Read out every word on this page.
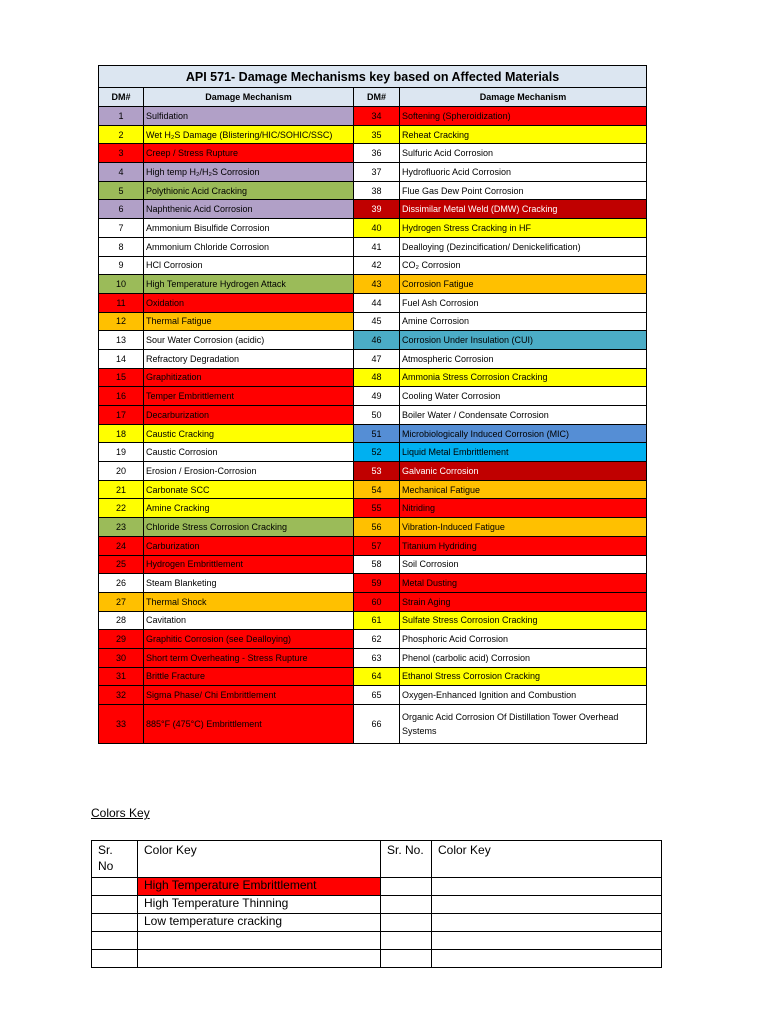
API 571- Damage Mechanisms key based on Affected Materials			
DM#	Damage Mechanism	DM#	Damage Mechanism
1	Sulfidation	34	Softening (Spheroidization)
2	Wet H₂S Damage (Blistering/HIC/SOHIC/SSC)	35	Reheat Cracking
3	Creep / Stress Rupture	36	Sulfuric Acid Corrosion
4	High temp H₂/H₂S Corrosion	37	Hydrofluoric Acid Corrosion
5	Polythionic Acid Cracking	38	Flue Gas Dew Point Corrosion
6	Naphthenic Acid Corrosion	39	Dissimilar Metal Weld (DMW) Cracking
7	Ammonium Bisulfide Corrosion	40	Hydrogen Stress Cracking in HF
8	Ammonium Chloride Corrosion	41	Dealloying (Dezincification/ Denickelification)
9	HCl Corrosion	42	CO₂ Corrosion
10	High Temperature Hydrogen Attack	43	Corrosion Fatigue
11	Oxidation	44	Fuel Ash Corrosion
12	Thermal Fatigue	45	Amine Corrosion
13	Sour Water Corrosion (acidic)	46	Corrosion Under Insulation (CUI)
14	Refractory Degradation	47	Atmospheric Corrosion
15	Graphitization	48	Ammonia Stress Corrosion Cracking
16	Temper Embrittlement	49	Cooling Water Corrosion
17	Decarburization	50	Boiler Water / Condensate Corrosion
18	Caustic Cracking	51	Microbiologically Induced Corrosion (MIC)
19	Caustic Corrosion	52	Liquid Metal Embrittlement
20	Erosion / Erosion-Corrosion	53	Galvanic Corrosion
21	Carbonate SCC	54	Mechanical Fatigue
22	Amine Cracking	55	Nitriding
23	Chloride Stress Corrosion Cracking	56	Vibration-Induced Fatigue
24	Carburization	57	Titanium Hydriding
25	Hydrogen Embrittlement	58	Soil Corrosion
26	Steam Blanketing	59	Metal Dusting
27	Thermal Shock	60	Strain Aging
28	Cavitation	61	Sulfate Stress Corrosion Cracking
29	Graphitic Corrosion (see Dealloying)	62	Phosphoric Acid Corrosion
30	Short term Overheating - Stress Rupture	63	Phenol (carbolic acid) Corrosion
31	Brittle Fracture	64	Ethanol Stress Corrosion Cracking
32	Sigma Phase/ Chi Embrittlement	65	Oxygen-Enhanced Ignition and Combustion
33	885°F (475°C) Embrittlement	66	Organic Acid Corrosion Of Distillation Tower Overhead Systems

Colors Key

Sr. No	Color Key	Sr. No.	Color Key
	High Temperature Embrittlement		
	High Temperature Thinning		
	Low temperature cracking		
